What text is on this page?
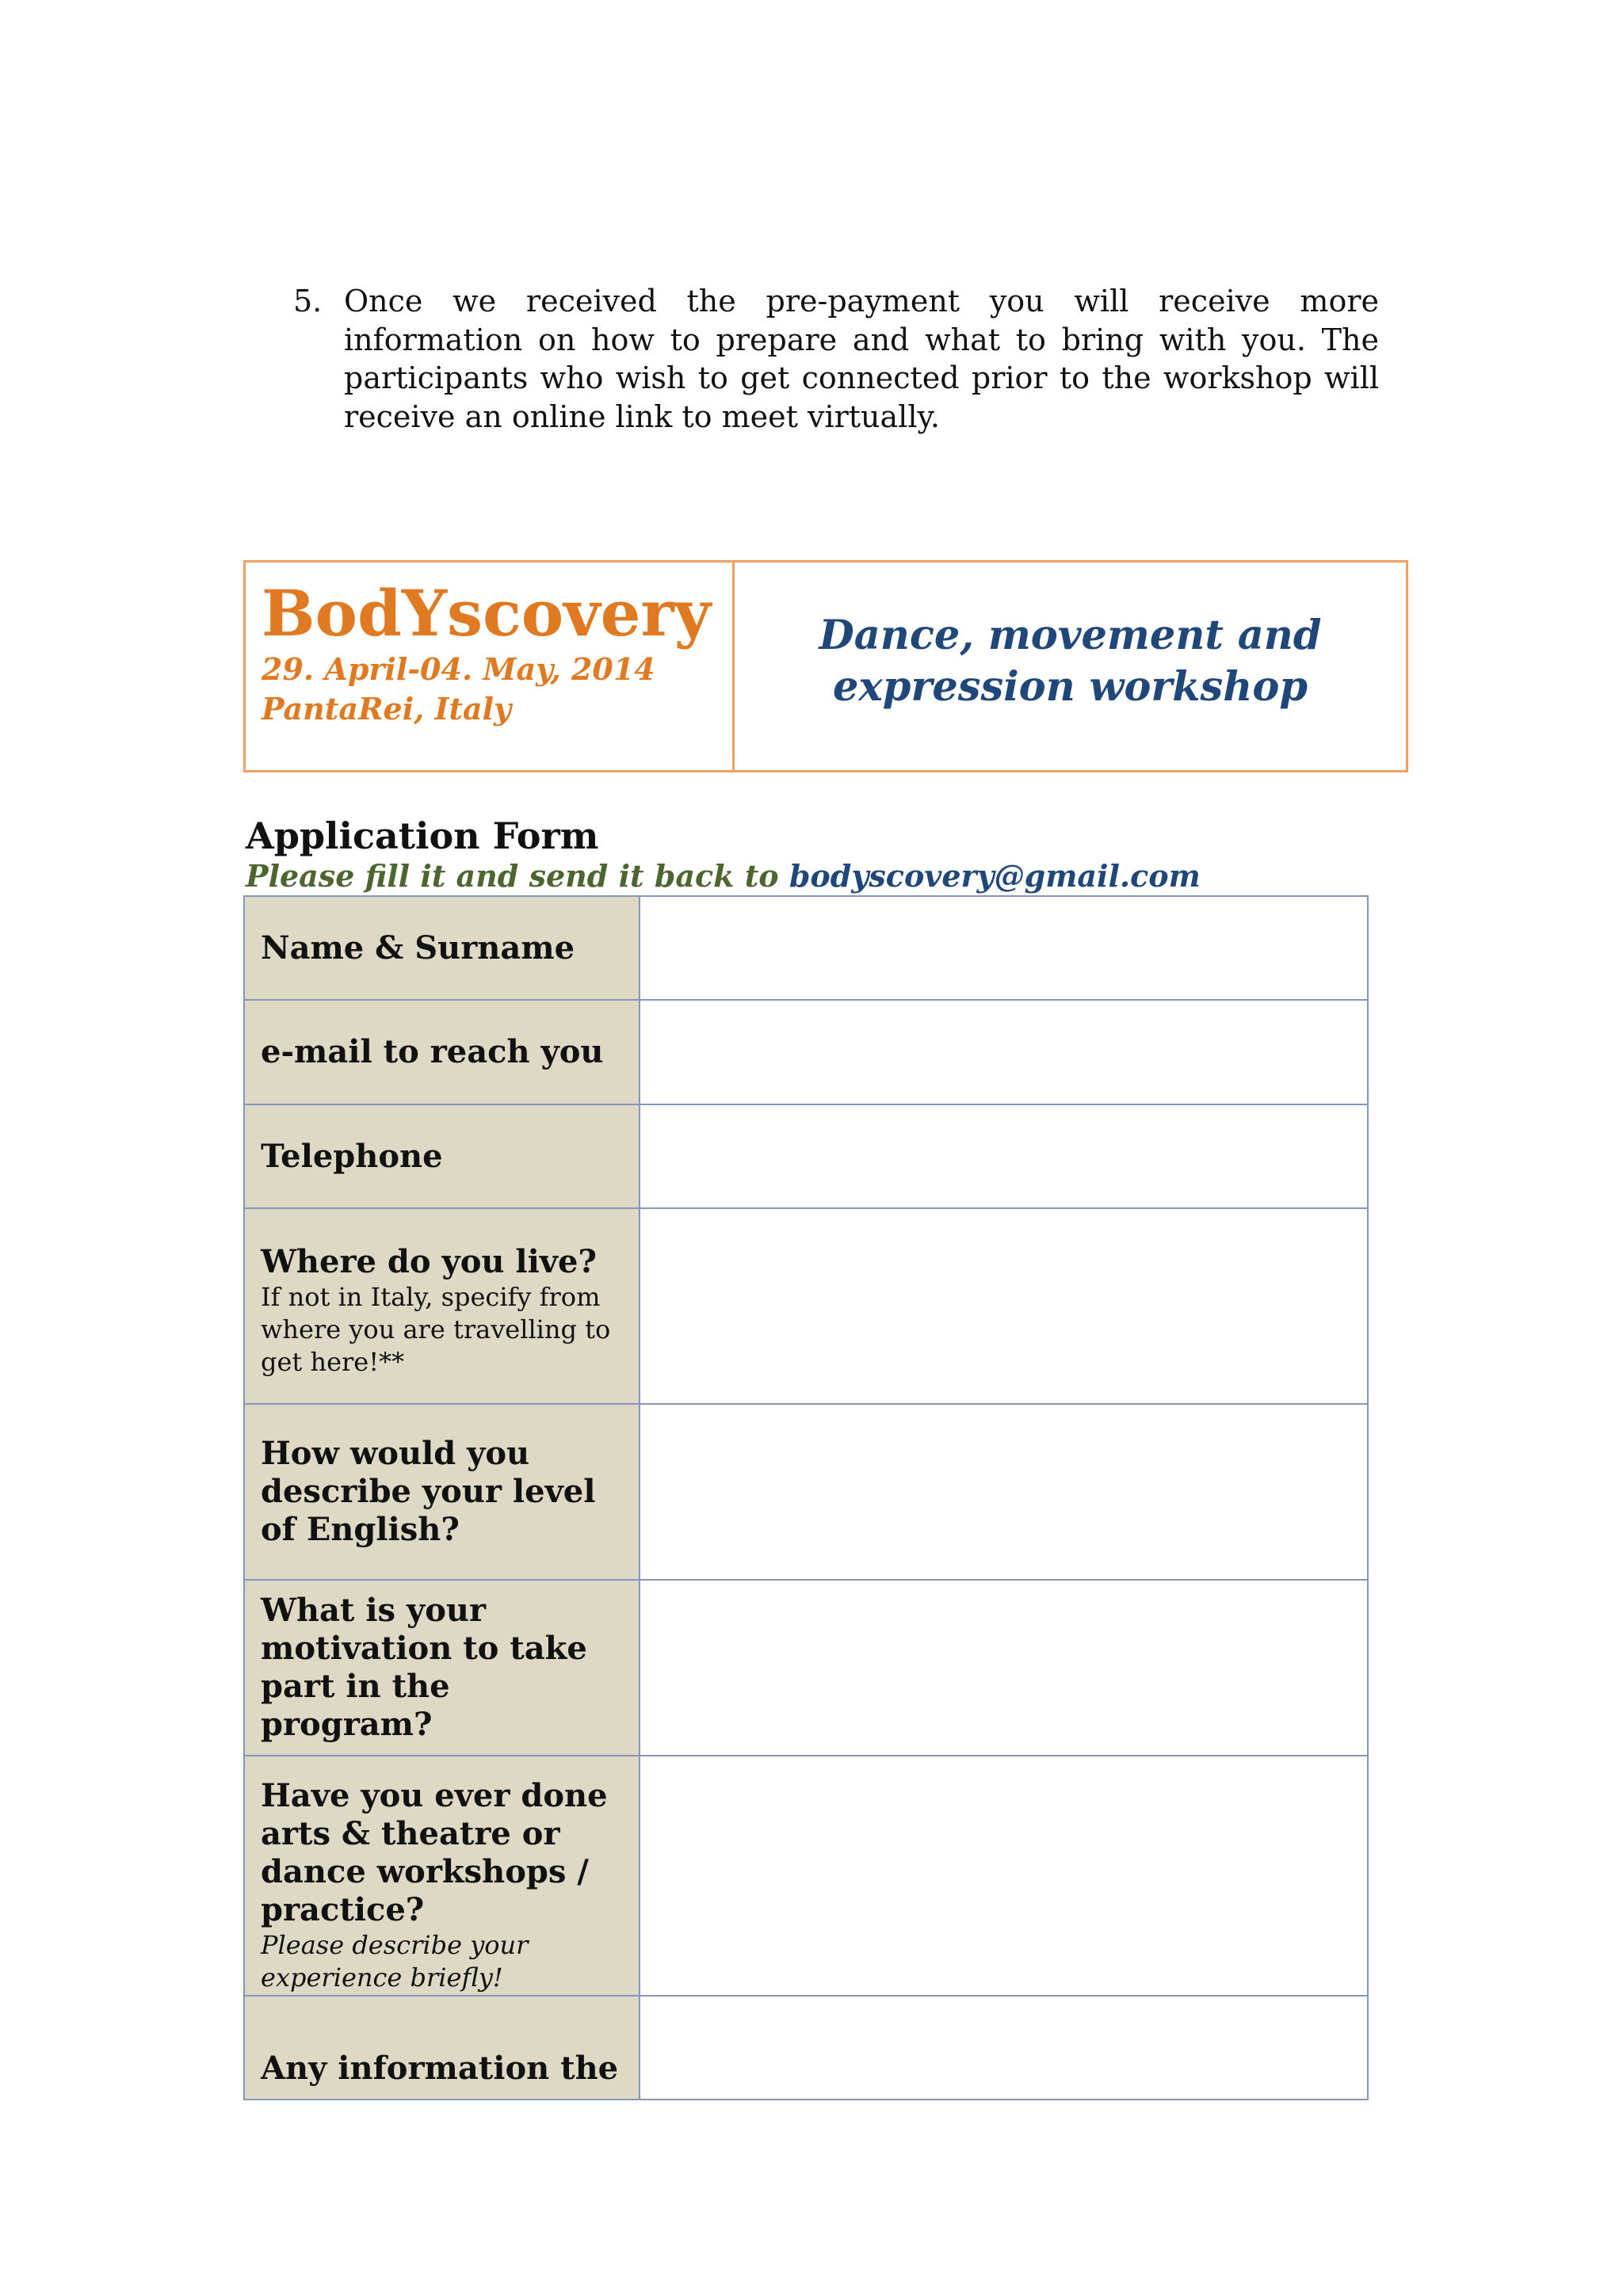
5. Once we received the pre-payment you will receive more information on how to prepare and what to bring with you. The participants who wish to get connected prior to the workshop will receive an online link to meet virtually.
BodYscovery
29. April-04. May, 2014
PantaRei, Italy
Dance, movement and
expression workshop
Application Form
Please fill it and send it back to bodyscovery@gmail.com
Name & Surname	

e-mail to reach you	

Telephone	

Where do you live?
If not in Italy, specify from where you are travelling to get here!**	

How would you describe your level of English?	

What is your motivation to take part in the program?	

Have you ever done arts & theatre or dance workshops / practice?
Please describe your experience briefly!	

Any information the	
